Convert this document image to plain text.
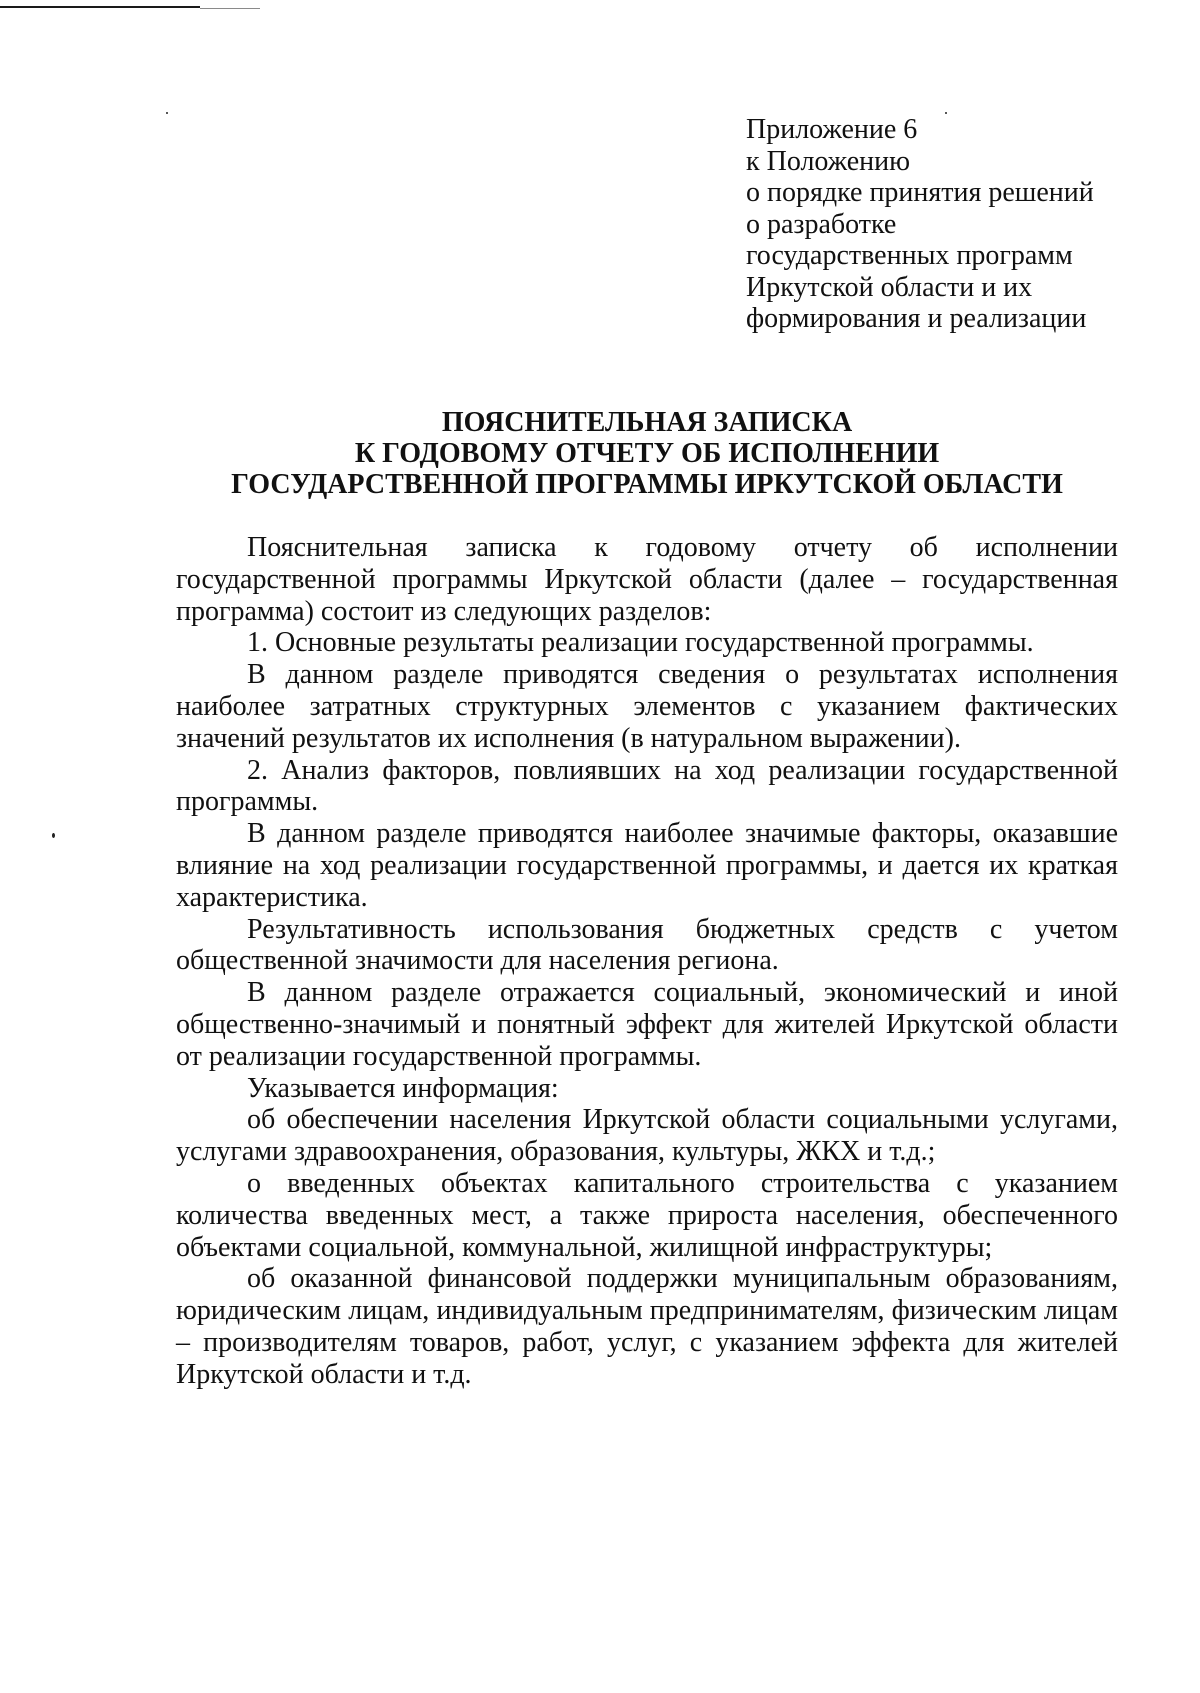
Приложение 6
к Положению
о порядке принятия решений
о разработке
государственных программ
Иркутской области и их
формирования и реализации
ПОЯСНИТЕЛЬНАЯ ЗАПИСКА
К ГОДОВОМУ ОТЧЕТУ ОБ ИСПОЛНЕНИИ
ГОСУДАРСТВЕННОЙ ПРОГРАММЫ ИРКУТСКОЙ ОБЛАСТИ

Пояснительная записка к годовому отчету об исполнении государственной программы Иркутской области (далее – государственная программа) состоит из следующих разделов:

1. Основные результаты реализации государственной программы.

В данном разделе приводятся сведения о результатах исполнения наиболее затратных структурных элементов с указанием фактических значений результатов их исполнения (в натуральном выражении).

2. Анализ факторов, повлиявших на ход реализации государственной программы.

В данном разделе приводятся наиболее значимые факторы, оказавшие влияние на ход реализации государственной программы, и дается их краткая характеристика.

Результативность использования бюджетных средств с учетом общественной значимости для населения региона.

В данном разделе отражается социальный, экономический и иной общественно-значимый и понятный эффект для жителей Иркутской области от реализации государственной программы.

Указывается информация:

об обеспечении населения Иркутской области социальными услугами, услугами здравоохранения, образования, культуры, ЖКХ и т.д.;

о введенных объектах капитального строительства с указанием количества введенных мест, а также прироста населения, обеспеченного объектами социальной, коммунальной, жилищной инфраструктуры;

об оказанной финансовой поддержки муниципальным образованиям, юридическим лицам, индивидуальным предпринимателям, физическим лицам – производителям товаров, работ, услуг, с указанием эффекта для жителей Иркутской области и т.д.
